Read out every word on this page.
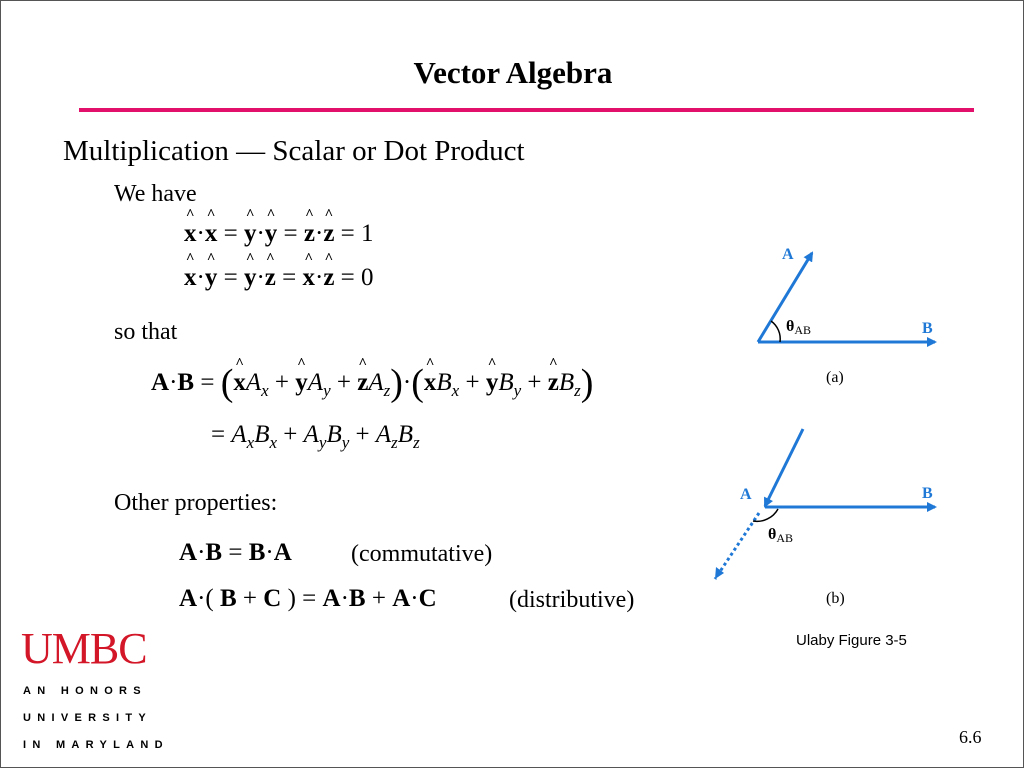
Vector Algebra
Multiplication — Scalar or Dot Product
We have
^ x·^ x = ^ y·^ y = ^ z·^ z = 1
^ x·^ y = ^ y·^ z = ^ x·^ z = 0
so that
A·B = (^ $xA_x$ + ^ $yA_y$ + ^ $zA_z)\cdot(\^{}$ $xB_x$ + ^ $yB_y$ + ^ $zB_z$)
= $A_xB_x + A_yB_y + A_zB_z$
Other properties:
A·B = B·A (commutative)
A·( B + C ) = A·B + A·C	(distributive)
A
B
θAB
(a)
A	B
θAB
(b)
Ulaby Figure 3-5
UMBC
AN HONORS
UNIVERSITY
IN MARYLAND	6.6
